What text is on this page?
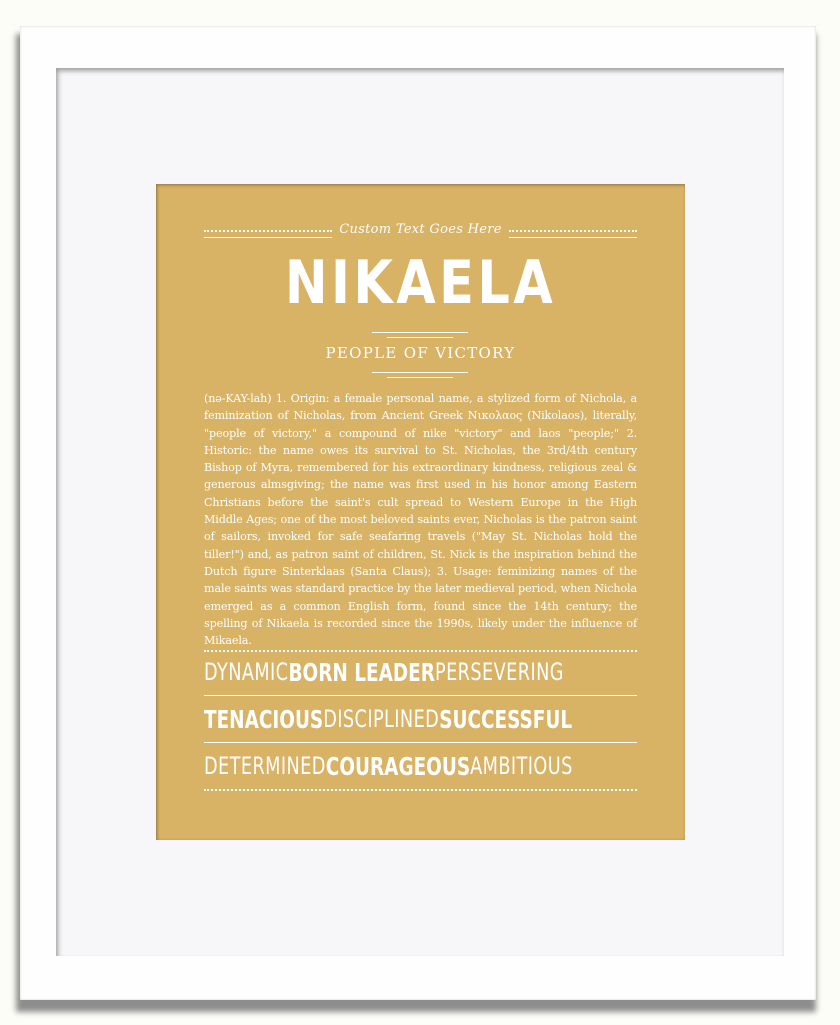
Custom Text Goes Here
NIKAELA
PEOPLE OF VICTORY
(nə-KAY-lah) 1. Origin: a female personal name, a stylized form of Nichola, a feminization of Nicholas, from Ancient Greek Νικολαος (Nikolaos), literally, "people of victory," a compound of nike "victory" and laos "people;" 2. Historic: the name owes its survival to St. Nicholas, the 3rd/4th century Bishop of Myra, remembered for his extraordinary kindness, religious zeal & generous almsgiving; the name was first used in his honor among Eastern Christians before the saint's cult spread to Western Europe in the High Middle Ages; one of the most beloved saints ever, Nicholas is the patron saint of sailors, invoked for safe seafaring travels ("May St. Nicholas hold the tiller!") and, as patron saint of children, St. Nick is the inspiration behind the Dutch figure Sinterklaas (Santa Claus); 3. Usage: feminizing names of the male saints was standard practice by the later medieval period, when Nichola emerged as a common English form, found since the 14th century; the spelling of Nikaela is recorded since the 1990s, likely under the influence of Mikaela.
DYNAMIC BORN LEADER PERSEVERING
TENACIOUS DISCIPLINED SUCCESSFUL
DETERMINED COURAGEOUS AMBITIOUS
